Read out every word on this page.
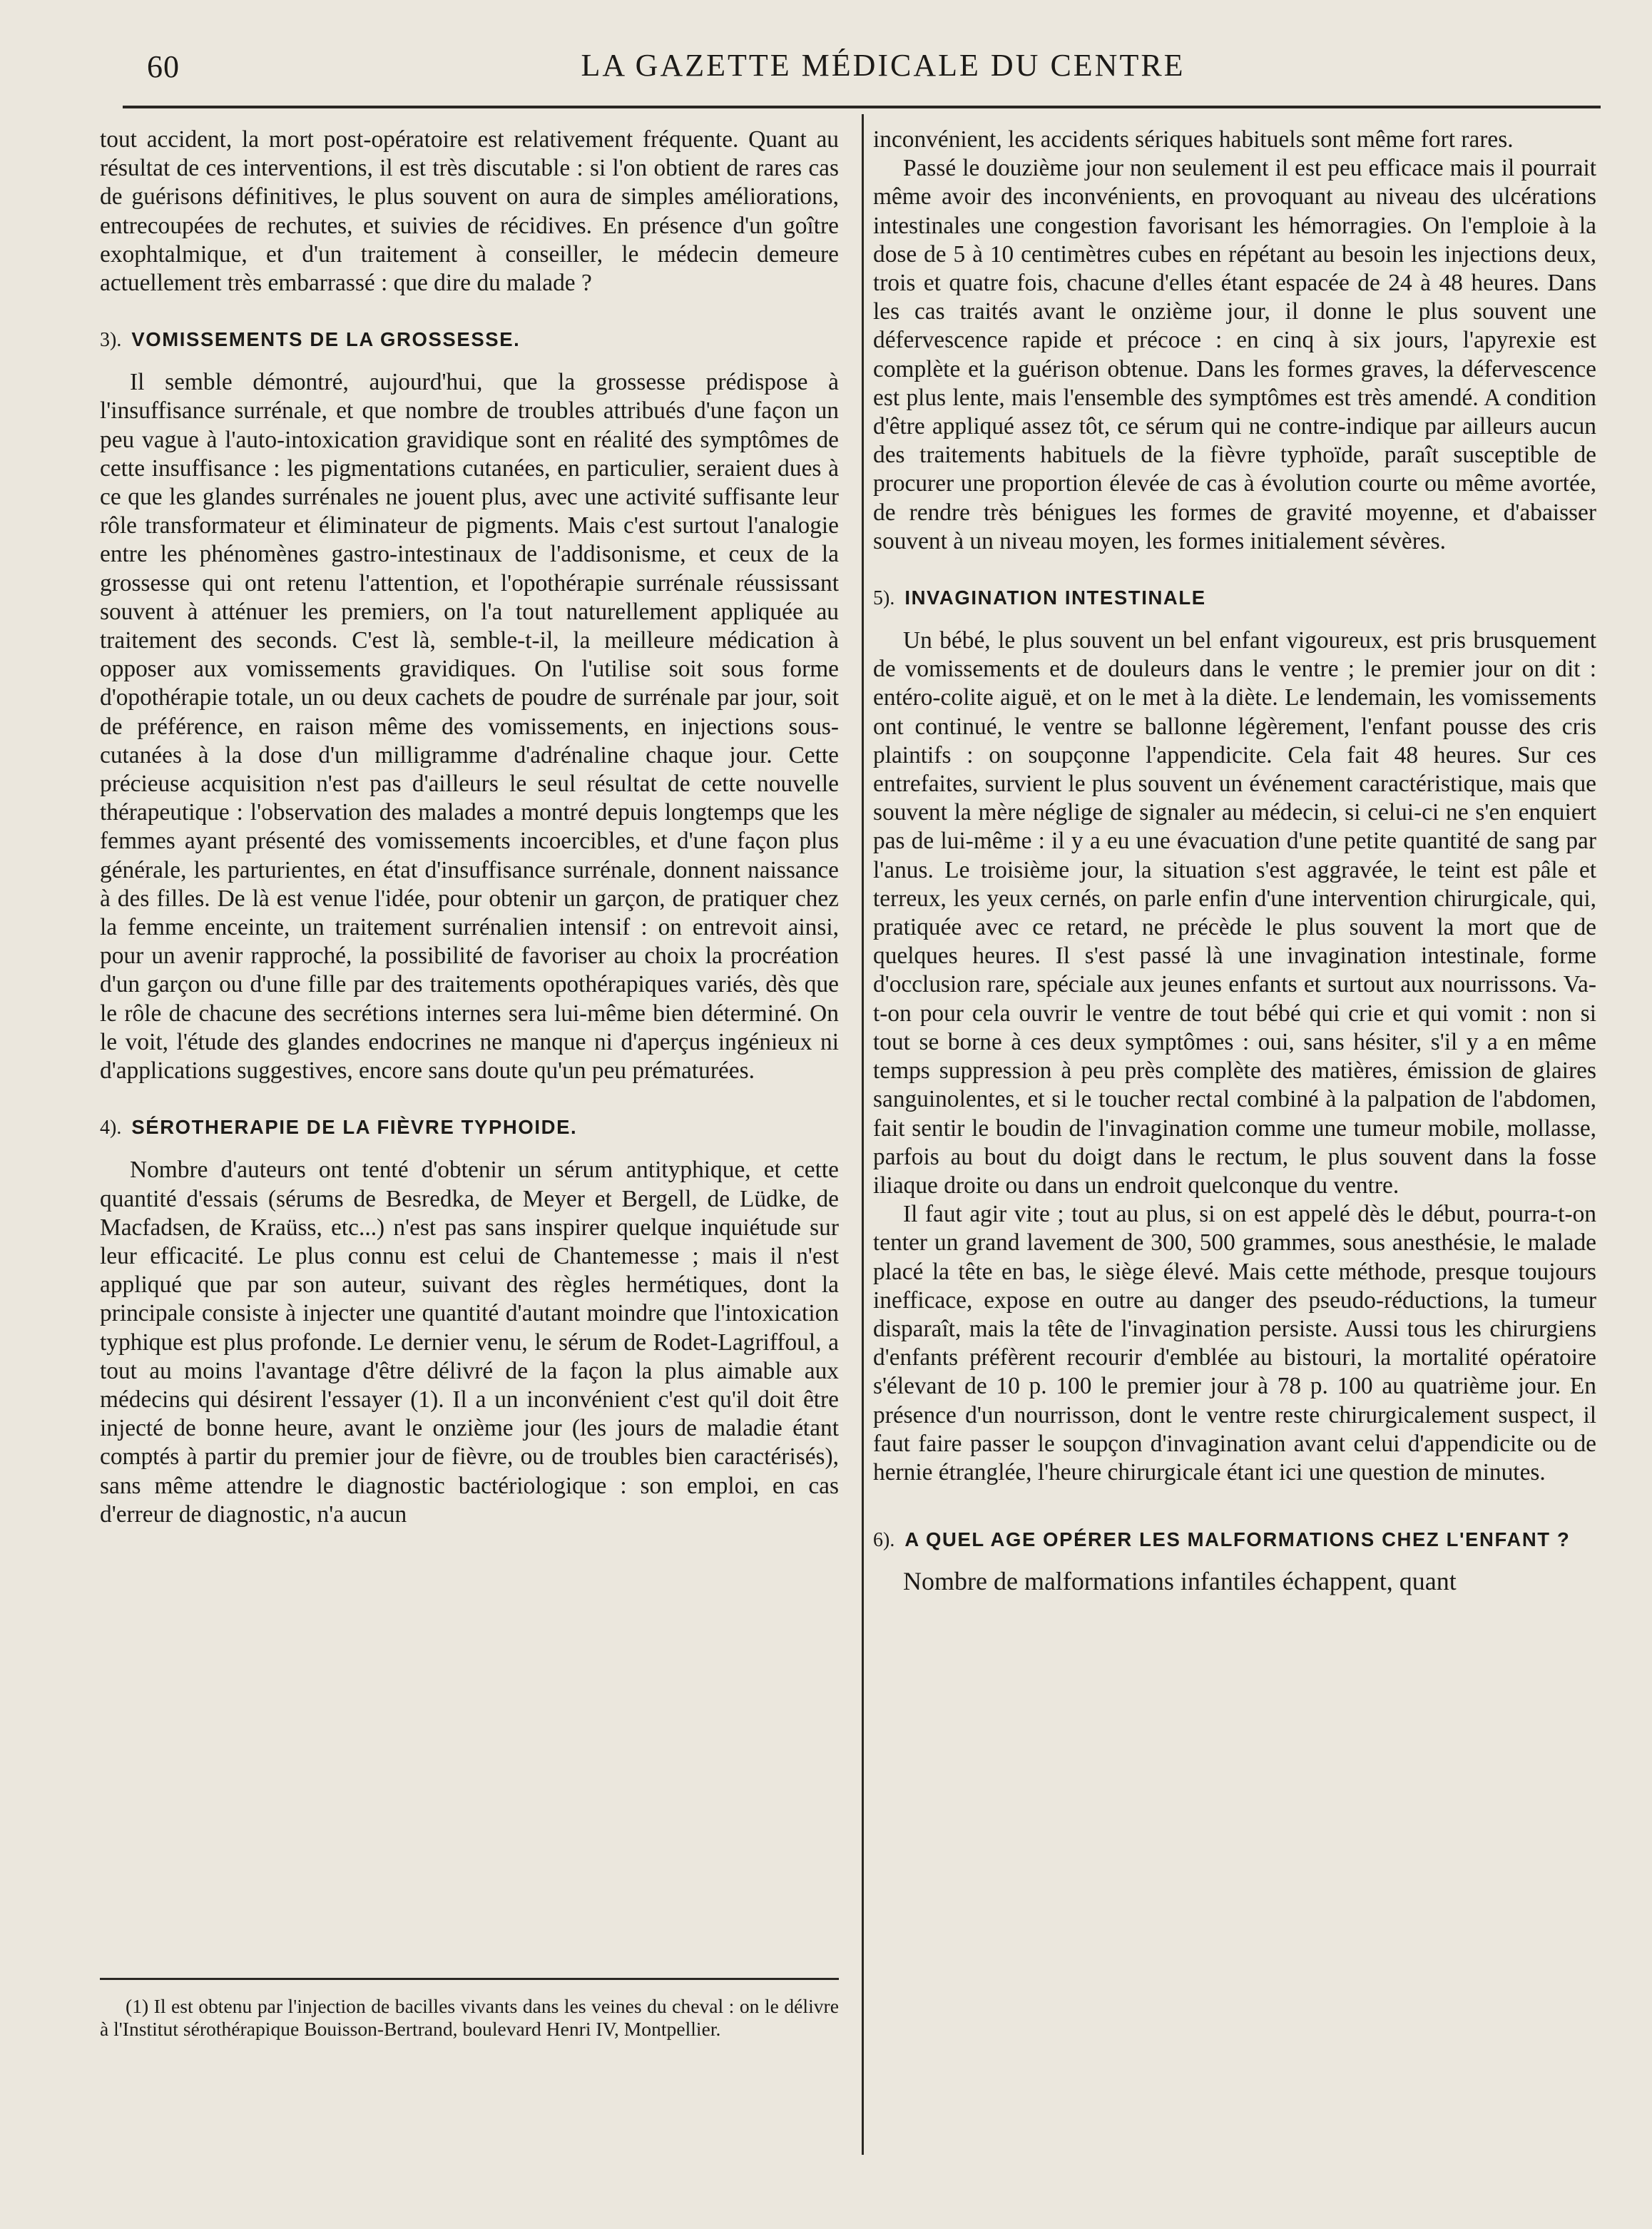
60	LA GAZETTE MÉDICALE DU CENTRE

tout accident, la mort post-opératoire est relativement fréquente. Quant au résultat de ces interventions, il est très discutable : si l'on obtient de rares cas de guérisons définitives, le plus souvent on aura de simples améliorations, entrecoupées de rechutes, et suivies de récidives. En présence d'un goître exophtalmique, et d'un traitement à conseiller, le médecin demeure actuellement très embarrassé : que dire du malade ?

3). VOMISSEMENTS DE LA GROSSESSE.

Il semble démontré, aujourd'hui, que la grossesse prédispose à l'insuffisance surrénale, et que nombre de troubles attribués d'une façon un peu vague à l'auto-intoxication gravidique sont en réalité des symptômes de cette insuffisance : les pigmentations cutanées, en particulier, seraient dues à ce que les glandes surrénales ne jouent plus, avec une activité suffisante leur rôle transformateur et éliminateur de pigments. Mais c'est surtout l'analogie entre les phénomènes gastro-intestinaux de l'addisonisme, et ceux de la grossesse qui ont retenu l'attention, et l'opothérapie surrénale réussissant souvent à atténuer les premiers, on l'a tout naturellement appliquée au traitement des seconds. C'est là, semble-t-il, la meilleure médication à opposer aux vomissements gravidiques. On l'utilise soit sous forme d'opothérapie totale, un ou deux cachets de poudre de surrénale par jour, soit de préférence, en raison même des vomissements, en injections sous-cutanées à la dose d'un milligramme d'adrénaline chaque jour. Cette précieuse acquisition n'est pas d'ailleurs le seul résultat de cette nouvelle thérapeutique : l'observation des malades a montré depuis longtemps que les femmes ayant présenté des vomissements incoercibles, et d'une façon plus générale, les parturientes, en état d'insuffisance surrénale, donnent naissance à des filles. De là est venue l'idée, pour obtenir un garçon, de pratiquer chez la femme enceinte, un traitement surrénalien intensif : on entrevoit ainsi, pour un avenir rapproché, la possibilité de favoriser au choix la procréation d'un garçon ou d'une fille par des traitements opothérapiques variés, dès que le rôle de chacune des secrétions internes sera lui-même bien déterminé. On le voit, l'étude des glandes endocrines ne manque ni d'aperçus ingénieux ni d'applications suggestives, encore sans doute qu'un peu prématurées.

4). SÉROTHERAPIE DE LA FIÈVRE TYPHOIDE.

Nombre d'auteurs ont tenté d'obtenir un sérum antityphique, et cette quantité d'essais (sérums de Besredka, de Meyer et Bergell, de Lüdke, de Macfadsen, de Kraüss, etc...) n'est pas sans inspirer quelque inquiétude sur leur efficacité. Le plus connu est celui de Chantemesse ; mais il n'est appliqué que par son auteur, suivant des règles hermétiques, dont la principale consiste à injecter une quantité d'autant moindre que l'intoxication typhique est plus profonde. Le dernier venu, le sérum de Rodet-Lagriffoul, a tout au moins l'avantage d'être délivré de la façon la plus aimable aux médecins qui désirent l'essayer (1). Il a un inconvénient c'est qu'il doit être injecté de bonne heure, avant le onzième jour (les jours de maladie étant comptés à partir du premier jour de fièvre, ou de troubles bien caractérisés), sans même attendre le diagnostic bactériologique : son emploi, en cas d'erreur de diagnostic, n'a aucun

(1) Il est obtenu par l'injection de bacilles vivants dans les veines du cheval : on le délivre à l'Institut sérothérapique Bouisson-Bertrand, boulevard Henri IV, Montpellier.

inconvénient, les accidents sériques habituels sont même fort rares.

Passé le douzième jour non seulement il est peu efficace mais il pourrait même avoir des inconvénients, en provoquant au niveau des ulcérations intestinales une congestion favorisant les hémorragies. On l'emploie à la dose de 5 à 10 centimètres cubes en répétant au besoin les injections deux, trois et quatre fois, chacune d'elles étant espacée de 24 à 48 heures. Dans les cas traités avant le onzième jour, il donne le plus souvent une défervescence rapide et précoce : en cinq à six jours, l'apyrexie est complète et la guérison obtenue. Dans les formes graves, la défervescence est plus lente, mais l'ensemble des symptômes est très amendé. A condition d'être appliqué assez tôt, ce sérum qui ne contre-indique par ailleurs aucun des traitements habituels de la fièvre typhoïde, paraît susceptible de procurer une proportion élevée de cas à évolution courte ou même avortée, de rendre très bénigues les formes de gravité moyenne, et d'abaisser souvent à un niveau moyen, les formes initialement sévères.

5). INVAGINATION INTESTINALE

Un bébé, le plus souvent un bel enfant vigoureux, est pris brusquement de vomissements et de douleurs dans le ventre ; le premier jour on dit : entéro-colite aiguë, et on le met à la diète. Le lendemain, les vomissements ont continué, le ventre se ballonne légèrement, l'enfant pousse des cris plaintifs : on soupçonne l'appendicite. Cela fait 48 heures. Sur ces entrefaites, survient le plus souvent un événement caractéristique, mais que souvent la mère néglige de signaler au médecin, si celui-ci ne s'en enquiert pas de lui-même : il y a eu une évacuation d'une petite quantité de sang par l'anus. Le troisième jour, la situation s'est aggravée, le teint est pâle et terreux, les yeux cernés, on parle enfin d'une intervention chirurgicale, qui, pratiquée avec ce retard, ne précède le plus souvent la mort que de quelques heures. Il s'est passé là une invagination intestinale, forme d'occlusion rare, spéciale aux jeunes enfants et surtout aux nourrissons. Va-t-on pour cela ouvrir le ventre de tout bébé qui crie et qui vomit : non si tout se borne à ces deux symptômes : oui, sans hésiter, s'il y a en même temps suppression à peu près complète des matières, émission de glaires sanguinolentes, et si le toucher rectal combiné à la palpation de l'abdomen, fait sentir le boudin de l'invagination comme une tumeur mobile, mollasse, parfois au bout du doigt dans le rectum, le plus souvent dans la fosse iliaque droite ou dans un endroit quelconque du ventre.

Il faut agir vite ; tout au plus, si on est appelé dès le début, pourra-t-on tenter un grand lavement de 300, 500 grammes, sous anesthésie, le malade placé la tête en bas, le siège élevé. Mais cette méthode, presque toujours inefficace, expose en outre au danger des pseudo-réductions, la tumeur disparaît, mais la tête de l'invagination persiste. Aussi tous les chirurgiens d'enfants préfèrent recourir d'emblée au bistouri, la mortalité opératoire s'élevant de 10 p. 100 le premier jour à 78 p. 100 au quatrième jour. En présence d'un nourrisson, dont le ventre reste chirurgicalement suspect, il faut faire passer le soupçon d'invagination avant celui d'appendicite ou de hernie étranglée, l'heure chirurgicale étant ici une question de minutes.

6). A QUEL AGE OPÉRER LES MALFORMATIONS CHEZ L'ENFANT ?

Nombre de malformations infantiles échappent, quant
